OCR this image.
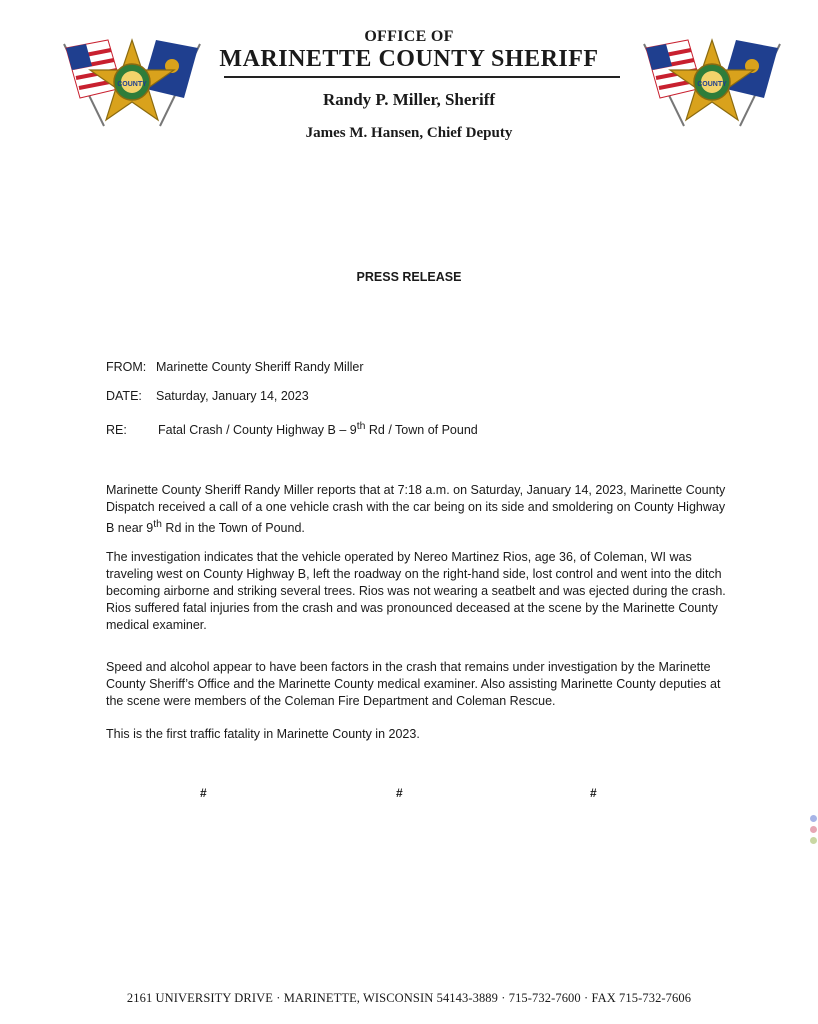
COUNTY	COUNTY
OFFICE OF
MARINETTE COUNTY SHERIFF
Randy P. Miller, Sheriff
James M. Hansen, Chief Deputy
PRESS RELEASE
FROM: Marinette County Sheriff Randy Miller
DATE: Saturday, January 14, 2023
RE: Fatal Crash / County Highway B – 9th Rd / Town of Pound

Marinette County Sheriff Randy Miller reports that at 7:18 a.m. on Saturday, January 14, 2023, Marinette County Dispatch received a call of a one vehicle crash with the car being on its side and smoldering on County Highway B near 9th Rd in the Town of Pound.

The investigation indicates that the vehicle operated by Nereo Martinez Rios, age 36, of Coleman, WI was traveling west on County Highway B, left the roadway on the right-hand side, lost control and went into the ditch becoming airborne and striking several trees. Rios was not wearing a seatbelt and was ejected during the crash. Rios suffered fatal injuries from the crash and was pronounced deceased at the scene by the Marinette County medical examiner.

Speed and alcohol appear to have been factors in the crash that remains under investigation by the Marinette County Sheriff’s Office and the Marinette County medical examiner. Also assisting Marinette County deputies at the scene were members of the Coleman Fire Department and Coleman Rescue.

This is the first traffic fatality in Marinette County in 2023.

#	#	#
2161 UNIVERSITY DRIVE · MARINETTE, WISCONSIN 54143-3889 · 715-732-7600 · FAX 715-732-7606
